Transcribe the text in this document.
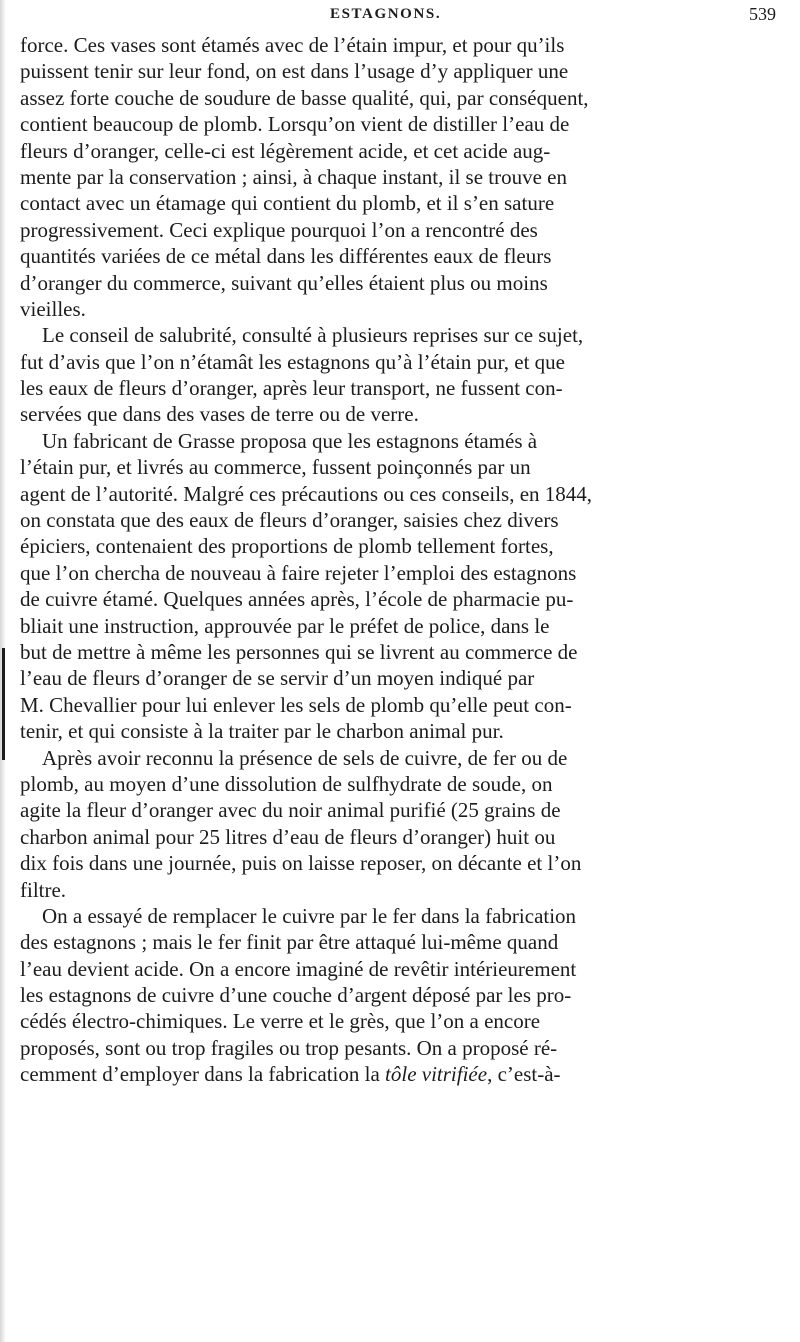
ESTAGNONS.	539
force. Ces vases sont étamés avec de l’étain impur, et pour qu’ils
puissent tenir sur leur fond, on est dans l’usage d’y appliquer une
assez forte couche de soudure de basse qualité, qui, par conséquent,
contient beaucoup de plomb. Lorsqu’on vient de distiller l’eau de
fleurs d’oranger, celle-ci est légèrement acide, et cet acide aug-
mente par la conservation ; ainsi, à chaque instant, il se trouve en
contact avec un étamage qui contient du plomb, et il s’en sature
progressivement. Ceci explique pourquoi l’on a rencontré des
quantités variées de ce métal dans les différentes eaux de fleurs
d’oranger du commerce, suivant qu’elles étaient plus ou moins
vieilles.
Le conseil de salubrité, consulté à plusieurs reprises sur ce sujet,
fut d’avis que l’on n’étamât les estagnons qu’à l’étain pur, et que
les eaux de fleurs d’oranger, après leur transport, ne fussent con-
servées que dans des vases de terre ou de verre.
Un fabricant de Grasse proposa que les estagnons étamés à
l’étain pur, et livrés au commerce, fussent poinçonnés par un
agent de l’autorité. Malgré ces précautions ou ces conseils, en 1844,
on constata que des eaux de fleurs d’oranger, saisies chez divers
épiciers, contenaient des proportions de plomb tellement fortes,
que l’on chercha de nouveau à faire rejeter l’emploi des estagnons
de cuivre étamé. Quelques années après, l’école de pharmacie pu-
bliait une instruction, approuvée par le préfet de police, dans le
but de mettre à même les personnes qui se livrent au commerce de
l’eau de fleurs d’oranger de se servir d’un moyen indiqué par
M. Chevallier pour lui enlever les sels de plomb qu’elle peut con-
tenir, et qui consiste à la traiter par le charbon animal pur.
Après avoir reconnu la présence de sels de cuivre, de fer ou de
plomb, au moyen d’une dissolution de sulfhydrate de soude, on
agite la fleur d’oranger avec du noir animal purifié (25 grains de
charbon animal pour 25 litres d’eau de fleurs d’oranger) huit ou
dix fois dans une journée, puis on laisse reposer, on décante et l’on
filtre.
On a essayé de remplacer le cuivre par le fer dans la fabrication
des estagnons ; mais le fer finit par être attaqué lui-même quand
l’eau devient acide. On a encore imaginé de revêtir intérieurement
les estagnons de cuivre d’une couche d’argent déposé par les pro-
cédés électro-chimiques. Le verre et le grès, que l’on a encore
proposés, sont ou trop fragiles ou trop pesants. On a proposé ré-
cemment d’employer dans la fabrication la tôle vitrifiée, c’est-à-
